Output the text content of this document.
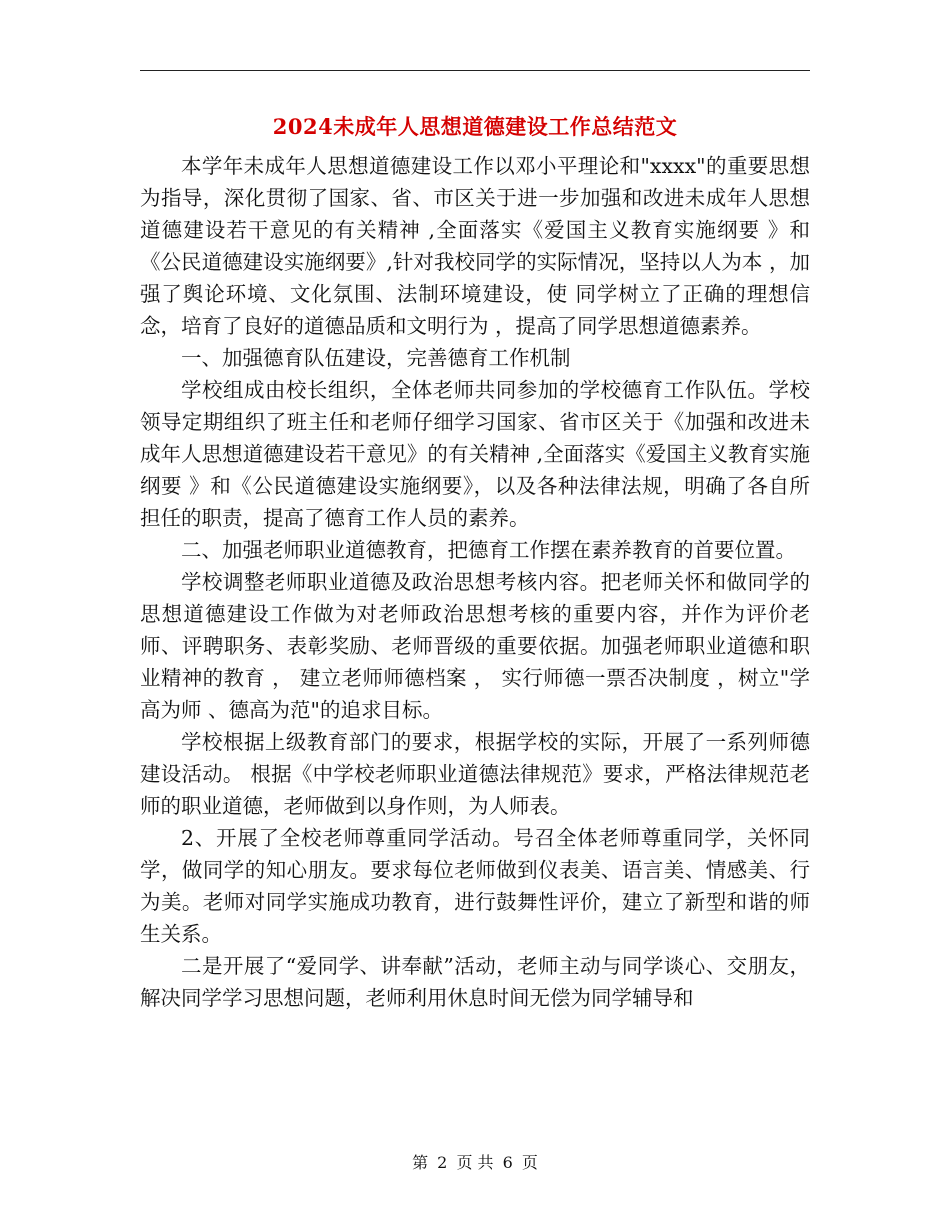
2024未成年人思想道德建设工作总结范文

本学年未成年人思想道德建设工作以邓小平理论和"xxxx"的重要思想为指导，深化贯彻了国家、省、市区关于进一步加强和改进未成年人思想道德建设若干意见的有关精神 ,全面落实《爱国主义教育实施纲要 》和《公民道德建设实施纲要》,针对我校同学的实际情况，坚持以人为本 ，加强了舆论环境、文化氛围、法制环境建设，使 同学树立了正确的理想信念，培育了良好的道德品质和文明行为 ，提高了同学思想道德素养。

一、加强德育队伍建设，完善德育工作机制

学校组成由校长组织，全体老师共同参加的学校德育工作队伍。学校领导定期组织了班主任和老师仔细学习国家、省市区关于《加强和改进未成年人思想道德建设若干意见》的有关精神 ,全面落实《爱国主义教育实施纲要 》和《公民道德建设实施纲要》，以及各种法律法规，明确了各自所担任的职责，提高了德育工作人员的素养。

二、加强老师职业道德教育，把德育工作摆在素养教育的首要位置。

学校调整老师职业道德及政治思想考核内容。把老师关怀和做同学的思想道德建设工作做为对老师政治思想考核的重要内容，并作为评价老师、评聘职务、表彰奖励、老师晋级的重要依据。加强老师职业道德和职业精神的教育 ， 建立老师师德档案 ， 实行师德一票否决制度 ，树立"学高为师 、德高为范"的追求目标。

学校根据上级教育部门的要求，根据学校的实际，开展了一系列师德建设活动。 根据《中学校老师职业道德法律规范》要求，严格法律规范老师的职业道德，老师做到以身作则，为人师表。

2、开展了全校老师尊重同学活动。号召全体老师尊重同学，关怀同学，做同学的知心朋友。要求每位老师做到仪表美、语言美、情感美、行为美。老师对同学实施成功教育，进行鼓舞性评价，建立了新型和谐的师生关系。

二是开展了“爱同学、讲奉献”活动，老师主动与同学谈心、交朋友，解决同学学习思想问题，老师利用休息时间无偿为同学辅导和

第 2 页 共 6 页
